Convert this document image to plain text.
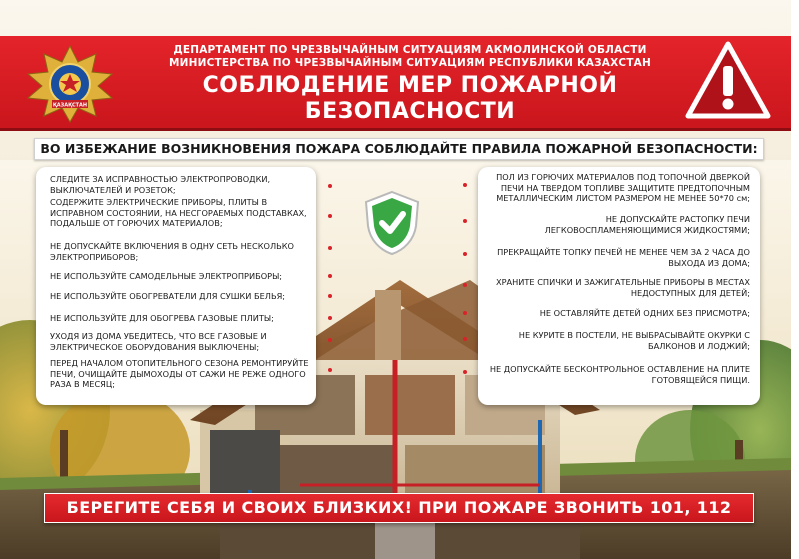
ҚАЗАҚСТАН
ДЕПАРТАМЕНТ ПО ЧРЕЗВЫЧАЙНЫМ СИТУАЦИЯМ АКМОЛИНСКОЙ ОБЛАСТИ
МИНИСТЕРСТВА ПО ЧРЕЗВЫЧАЙНЫМ СИТУАЦИЯМ РЕСПУБЛИКИ КАЗАХСТАН
СОБЛЮДЕНИЕ МЕР ПОЖАРНОЙ
БЕЗОПАСНОСТИ
ВО ИЗБЕЖАНИЕ ВОЗНИКНОВЕНИЯ ПОЖАРА СОБЛЮДАЙТЕ ПРАВИЛА ПОЖАРНОЙ БЕЗОПАСНОСТИ:
СЛЕДИТЕ ЗА ИСПРАВНОСТЬЮ ЭЛЕКТРОПРОВОДКИ, ВЫКЛЮЧАТЕЛЕЙ И РОЗЕТОК;
СОДЕРЖИТЕ ЭЛЕКТРИЧЕСКИЕ ПРИБОРЫ, ПЛИТЫ В ИСПРАВНОМ СОСТОЯНИИ, НА НЕСГОРАЕМЫХ ПОДСТАВКАХ, ПОДАЛЬШЕ ОТ ГОРЮЧИХ МАТЕРИАЛОВ;
НЕ ДОПУСКАЙТЕ ВКЛЮЧЕНИЯ В ОДНУ СЕТЬ НЕСКОЛЬКО ЭЛЕКТРОПРИБОРОВ;
НЕ ИСПОЛЬЗУЙТЕ САМОДЕЛЬНЫЕ ЭЛЕКТРОПРИБОРЫ;
НЕ ИСПОЛЬЗУЙТЕ ОБОГРЕВАТЕЛИ ДЛЯ СУШКИ БЕЛЬЯ;
НЕ ИСПОЛЬЗУЙТЕ ДЛЯ ОБОГРЕВА ГАЗОВЫЕ ПЛИТЫ;
УХОДЯ ИЗ ДОМА УБЕДИТЕСЬ, ЧТО ВСЕ ГАЗОВЫЕ И ЭЛЕКТРИЧЕСКОЕ ОБОРУДОВАНИЯ ВЫКЛЮЧЕНЫ;
ПЕРЕД НАЧАЛОМ ОТОПИТЕЛЬНОГО СЕЗОНА РЕМОНТИРУЙТЕ ПЕЧИ, ОЧИЩАЙТЕ ДЫМОХОДЫ ОТ САЖИ НЕ РЕЖЕ ОДНОГО РАЗА В МЕСЯЦ;
ПОЛ ИЗ ГОРЮЧИХ МАТЕРИАЛОВ ПОД ТОПОЧНОЙ ДВЕРКОЙ ПЕЧИ НА ТВЕРДОМ ТОПЛИВЕ ЗАЩИТИТЕ ПРЕДТОПОЧНЫМ МЕТАЛЛИЧЕСКИМ ЛИСТОМ РАЗМЕРОМ НЕ МЕНЕЕ 50*70 см;
НЕ ДОПУСКАЙТЕ РАСТОПКУ ПЕЧИ ЛЕГКОВОСПЛАМЕНЯЮЩИМИСЯ ЖИДКОСТЯМИ;
ПРЕКРАЩАЙТЕ ТОПКУ ПЕЧЕЙ НЕ МЕНЕЕ ЧЕМ ЗА 2 ЧАСА ДО ВЫХОДА ИЗ ДОМА;
ХРАНИТЕ СПИЧКИ И ЗАЖИГАТЕЛЬНЫЕ ПРИБОРЫ В МЕСТАХ НЕДОСТУПНЫХ ДЛЯ ДЕТЕЙ;
НЕ ОСТАВЛЯЙТЕ ДЕТЕЙ ОДНИХ БЕЗ ПРИСМОТРА;
НЕ КУРИТЕ В ПОСТЕЛИ, НЕ ВЫБРАСЫВАЙТЕ ОКУРКИ С БАЛКОНОВ И ЛОДЖИЙ;
НЕ ДОПУСКАЙТЕ БЕСКОНТРОЛЬНОЕ ОСТАВЛЕНИЕ НА ПЛИТЕ ГОТОВЯЩЕЙСЯ ПИЩИ.
БЕРЕГИТЕ СЕБЯ И СВОИХ БЛИЗКИХ! ПРИ ПОЖАРЕ ЗВОНИТЬ 101, 112
